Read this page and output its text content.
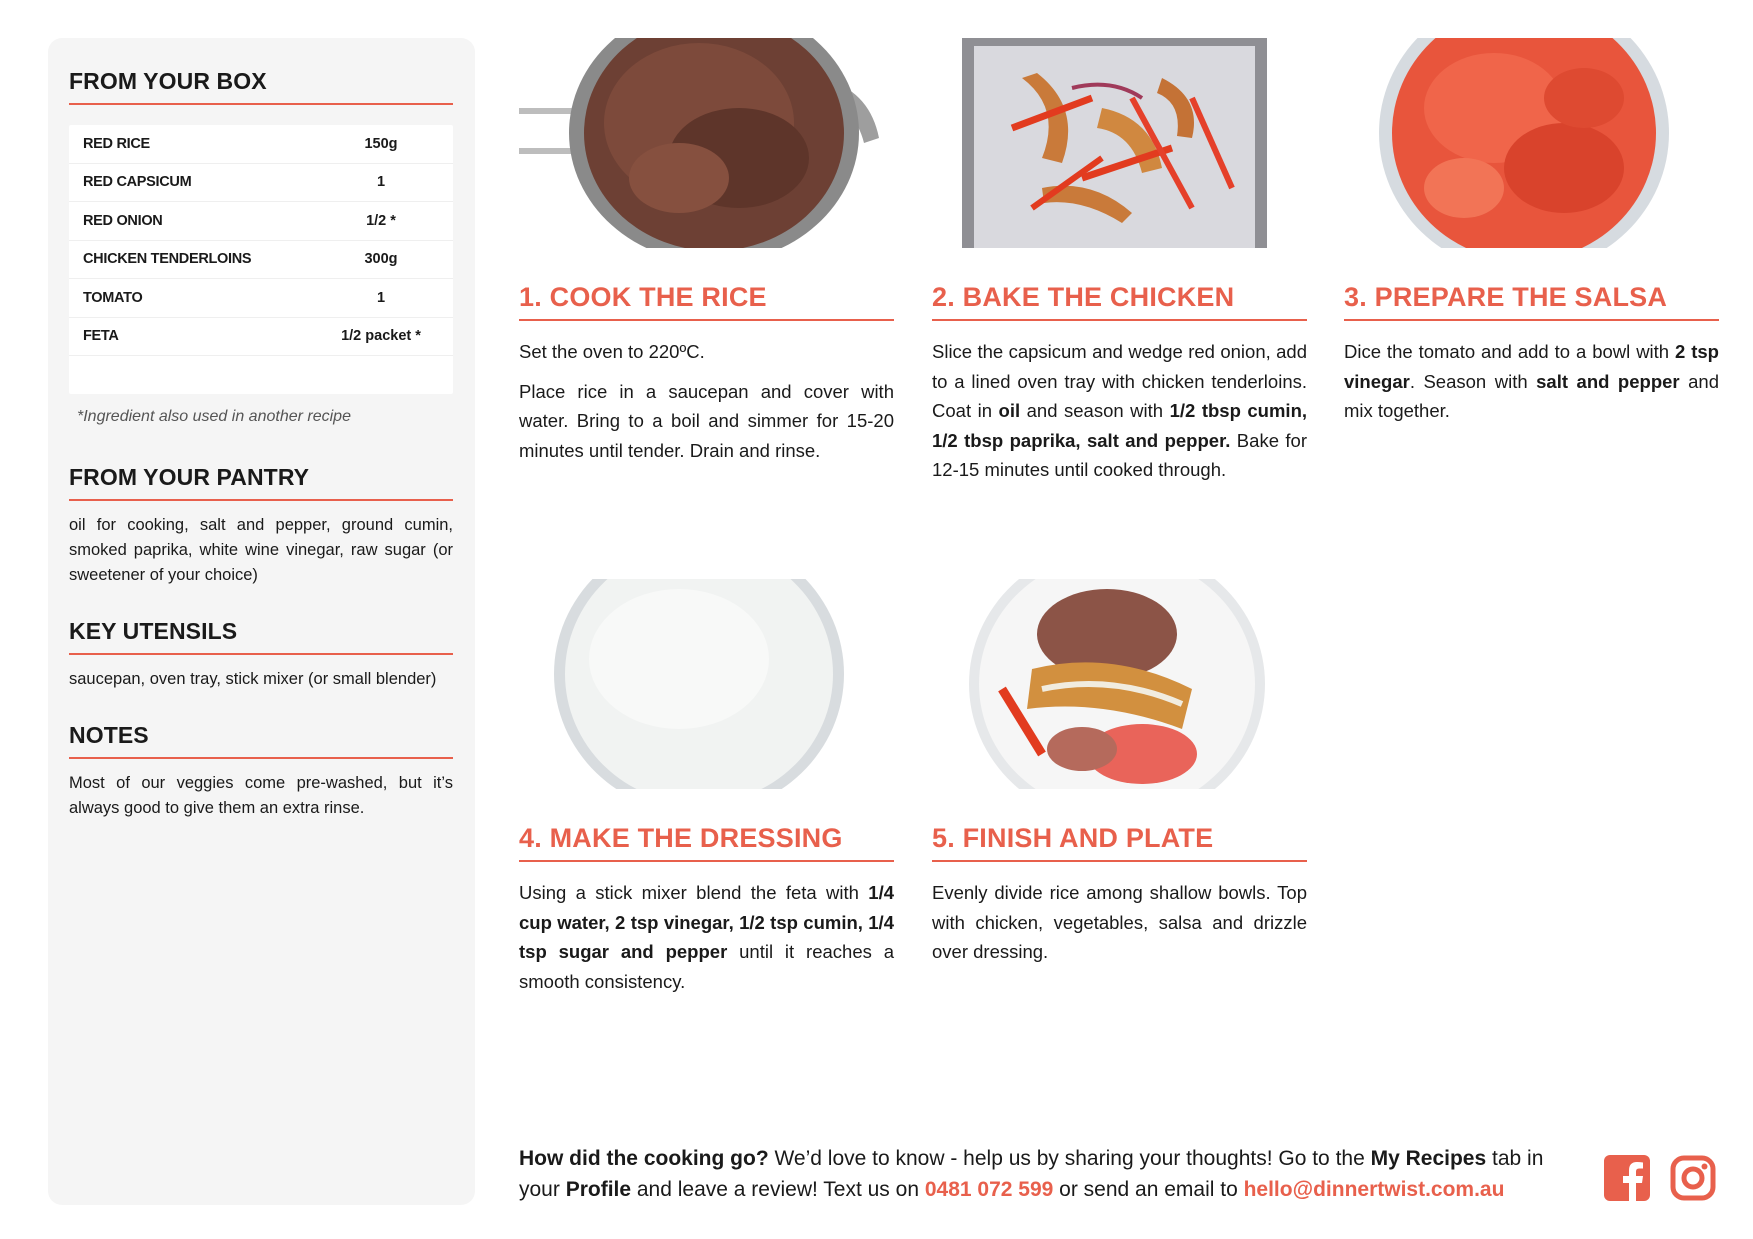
FROM YOUR BOX
RED RICE	150g
RED CAPSICUM	1
RED ONION	1/2 *
CHICKEN TENDERLOINS	300g
TOMATO	1
FETA	1/2 packet *

*Ingredient also used in another recipe

FROM YOUR PANTRY

oil for cooking, salt and pepper, ground cumin, smoked paprika, white wine vinegar, raw sugar (or sweetener of your choice)

KEY UTENSILS

saucepan, oven tray, stick mixer (or small blender)

NOTES

Most of our veggies come pre-washed, but it’s always good to give them an extra rinse.

1. COOK THE RICE

Set the oven to 220ºC.

Place rice in a saucepan and cover with water. Bring to a boil and simmer for 15-20 minutes until tender. Drain and rinse.

2. BAKE THE CHICKEN

Slice the capsicum and wedge red onion, add to a lined oven tray with chicken tenderloins. Coat in oil and season with 1/2 tbsp cumin, 1/2 tbsp paprika, salt and pepper. Bake for 12-15 minutes until cooked through.

3. PREPARE THE SALSA

Dice the tomato and add to a bowl with 2 tsp vinegar. Season with salt and pepper and mix together.

4. MAKE THE DRESSING

Using a stick mixer blend the feta with 1/4 cup water, 2 tsp vinegar, 1/2 tsp cumin, 1/4 tsp sugar and pepper until it reaches a smooth consistency.

5. FINISH AND PLATE

Evenly divide rice among shallow bowls. Top with chicken, vegetables, salsa and drizzle over dressing.

How did the cooking go? We’d love to know - help us by sharing your thoughts! Go to the My Recipes tab in your Profile and leave a review! Text us on 0481 072 599 or send an email to hello@dinnertwist.com.au
